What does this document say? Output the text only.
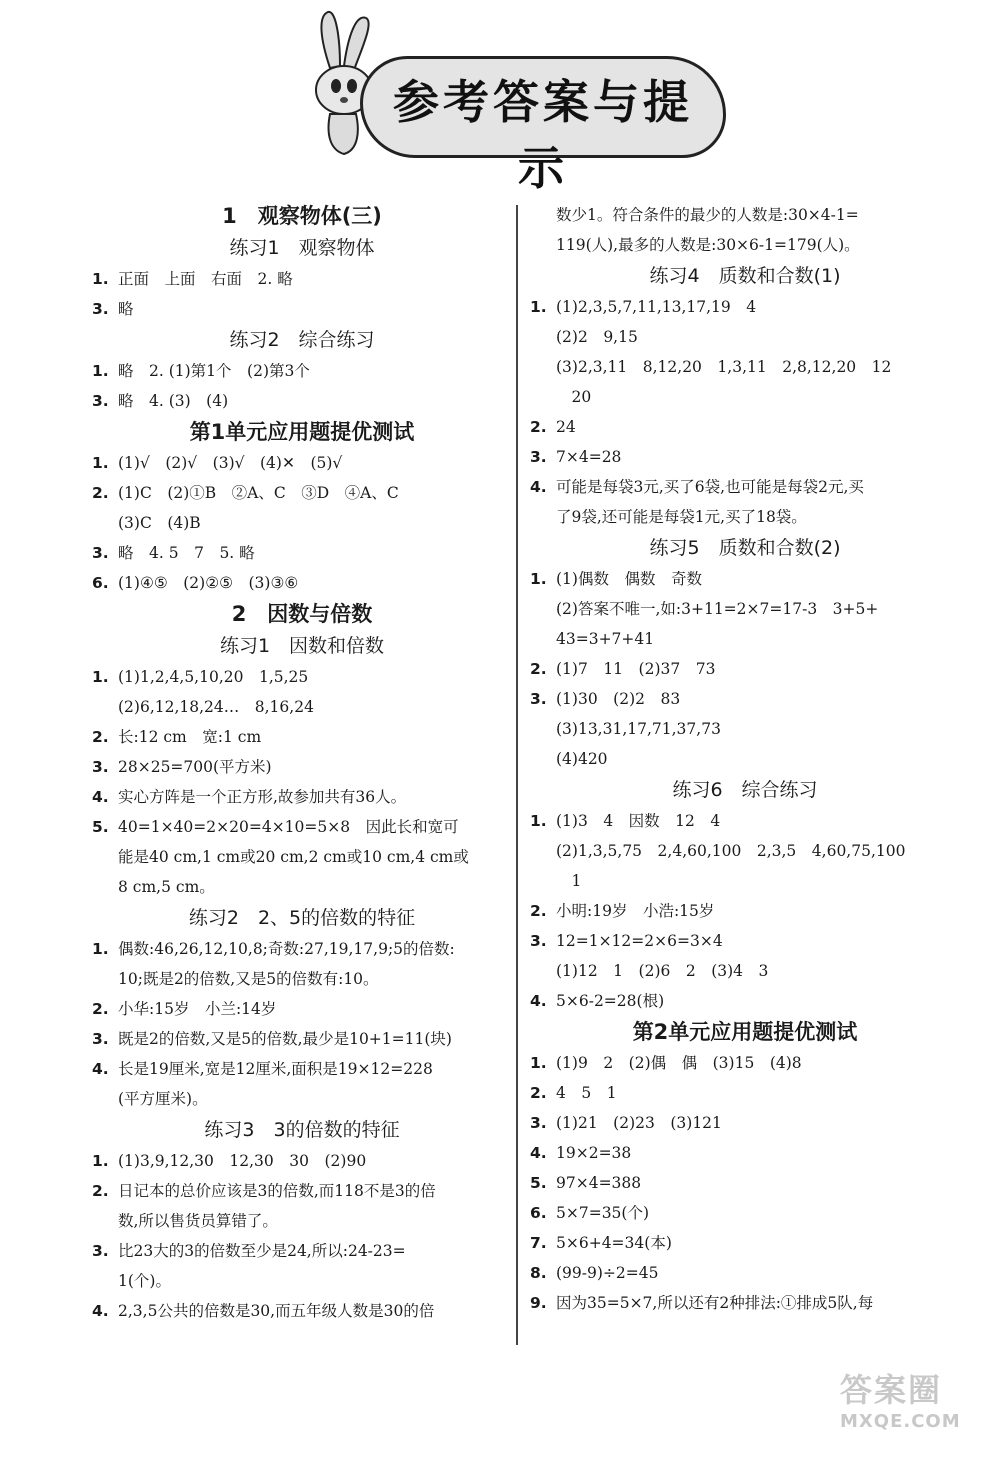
参考答案与提示
1　观察物体(三)
练习1　观察物体
1. 正面　上面　右面　2. 略
3. 略
练习2　综合练习
1. 略　2. (1)第1个　(2)第3个
3. 略　4. (3)　(4)
第1单元应用题提优测试
1. (1)√　(2)√　(3)√　(4)✕　(5)√
2. (1)C　(2)①B　②A、C　③D　④A、C
(3)C　(4)B
3. 略　4. 5　7　5. 略
6. (1)④⑤　(2)②⑤　(3)③⑥
2　因数与倍数
练习1　因数和倍数
1. (1)1,2,4,5,10,20　1,5,25
(2)6,12,18,24…　8,16,24
2. 长:12 cm　宽:1 cm
3. 28×25=700(平方米)
4. 实心方阵是一个正方形,故参加共有36人。
5. 40=1×40=2×20=4×10=5×8　因此长和宽可
能是40 cm,1 cm或20 cm,2 cm或10 cm,4 cm或
8 cm,5 cm。
练习2　2、5的倍数的特征
1. 偶数:46,26,12,10,8;奇数:27,19,17,9;5的倍数:
10;既是2的倍数,又是5的倍数有:10。
2. 小华:15岁　小兰:14岁
3. 既是2的倍数,又是5的倍数,最少是10+1=11(块)
4. 长是19厘米,宽是12厘米,面积是19×12=228
(平方厘米)。
练习3　3的倍数的特征
1. (1)3,9,12,30　12,30　30　(2)90
2. 日记本的总价应该是3的倍数,而118不是3的倍
数,所以售货员算错了。
3. 比23大的3的倍数至少是24,所以:24-23=
1(个)。
4. 2,3,5公共的倍数是30,而五年级人数是30的倍
数少1。符合条件的最少的人数是:30×4-1=
119(人),最多的人数是:30×6-1=179(人)。
练习4　质数和合数(1)
1. (1)2,3,5,7,11,13,17,19　4
(2)2　9,15
(3)2,3,11　8,12,20　1,3,11　2,8,12,20　12
　20
2. 24
3. 7×4=28
4. 可能是每袋3元,买了6袋,也可能是每袋2元,买
了9袋,还可能是每袋1元,买了18袋。
练习5　质数和合数(2)
1. (1)偶数　偶数　奇数
(2)答案不唯一,如:3+11=2×7=17-3　3+5+
43=3+7+41
2. (1)7　11　(2)37　73
3. (1)30　(2)2　83
(3)13,31,17,71,37,73
(4)420
练习6　综合练习
1. (1)3　4　因数　12　4
(2)1,3,5,75　2,4,60,100　2,3,5　4,60,75,100
　1
2. 小明:19岁　小浩:15岁
3. 12=1×12=2×6=3×4
(1)12　1　(2)6　2　(3)4　3
4. 5×6-2=28(根)
第2单元应用题提优测试
1. (1)9　2　(2)偶　偶　(3)15　(4)8
2. 4　5　1
3. (1)21　(2)23　(3)121
4. 19×2=38
5. 97×4=388
6. 5×7=35(个)
7. 5×6+4=34(本)
8. (99-9)÷2=45
9. 因为35=5×7,所以还有2种排法:①排成5队,每
答案圈
MXQE.COM
